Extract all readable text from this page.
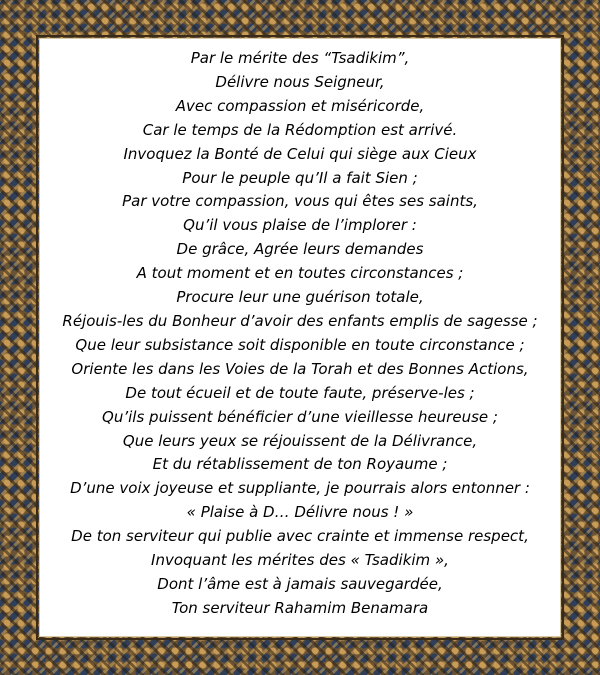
Par le mérite des “Tsadikim”,
Délivre nous Seigneur,
Avec compassion et miséricorde,
Car le temps de la Rédomption est arrivé.
Invoquez la Bonté de Celui qui siège aux Cieux
Pour le peuple qu’Il a fait Sien ;
Par votre compassion, vous qui êtes ses saints,
Qu’il vous plaise de l’implorer :
De grâce, Agrée leurs demandes
A tout moment et en toutes circonstances ;
Procure leur une guérison totale,
Réjouis-les du Bonheur d’avoir des enfants emplis de sagesse ;
Que leur subsistance soit disponible en toute circonstance ;
Oriente les dans les Voies de la Torah et des Bonnes Actions,
De tout écueil et de toute faute, préserve-les ;
Qu’ils puissent bénéficier d’une vieillesse heureuse ;
Que leurs yeux se réjouissent de la Délivrance,
Et du rétablissement de ton Royaume ;
D’une voix joyeuse et suppliante, je pourrais alors entonner :
« Plaise à D… Délivre nous ! »
De ton serviteur qui publie avec crainte et immense respect,
Invoquant les mérites des « Tsadikim »,
Dont l’âme est à jamais sauvegardée,
Ton serviteur Rahamim Benamara
